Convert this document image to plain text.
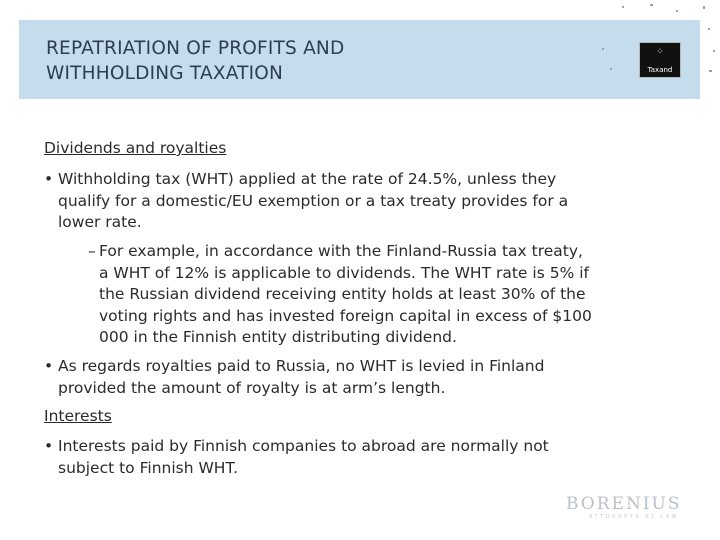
REPATRIATION OF PROFITS AND
WITHHOLDING TAXATION
⁘
Taxand
Dividends and royalties
• Withholding tax (WHT) applied at the rate of 24.5%, unless they
qualify for a domestic/EU exemption or a tax treaty provides for a
lower rate.
– For example, in accordance with the Finland-Russia tax treaty,
a WHT of 12% is applicable to dividends. The WHT rate is 5% if
the Russian dividend receiving entity holds at least 30% of the
voting rights and has invested foreign capital in excess of $100
000 in the Finnish entity distributing dividend.
• As regards royalties paid to Russia, no WHT is levied in Finland
provided the amount of royalty is at arm’s length.
Interests
• Interests paid by Finnish companies to abroad are normally not
subject to Finnish WHT.
BORENIUS
ATTORNEYS AT LAW
